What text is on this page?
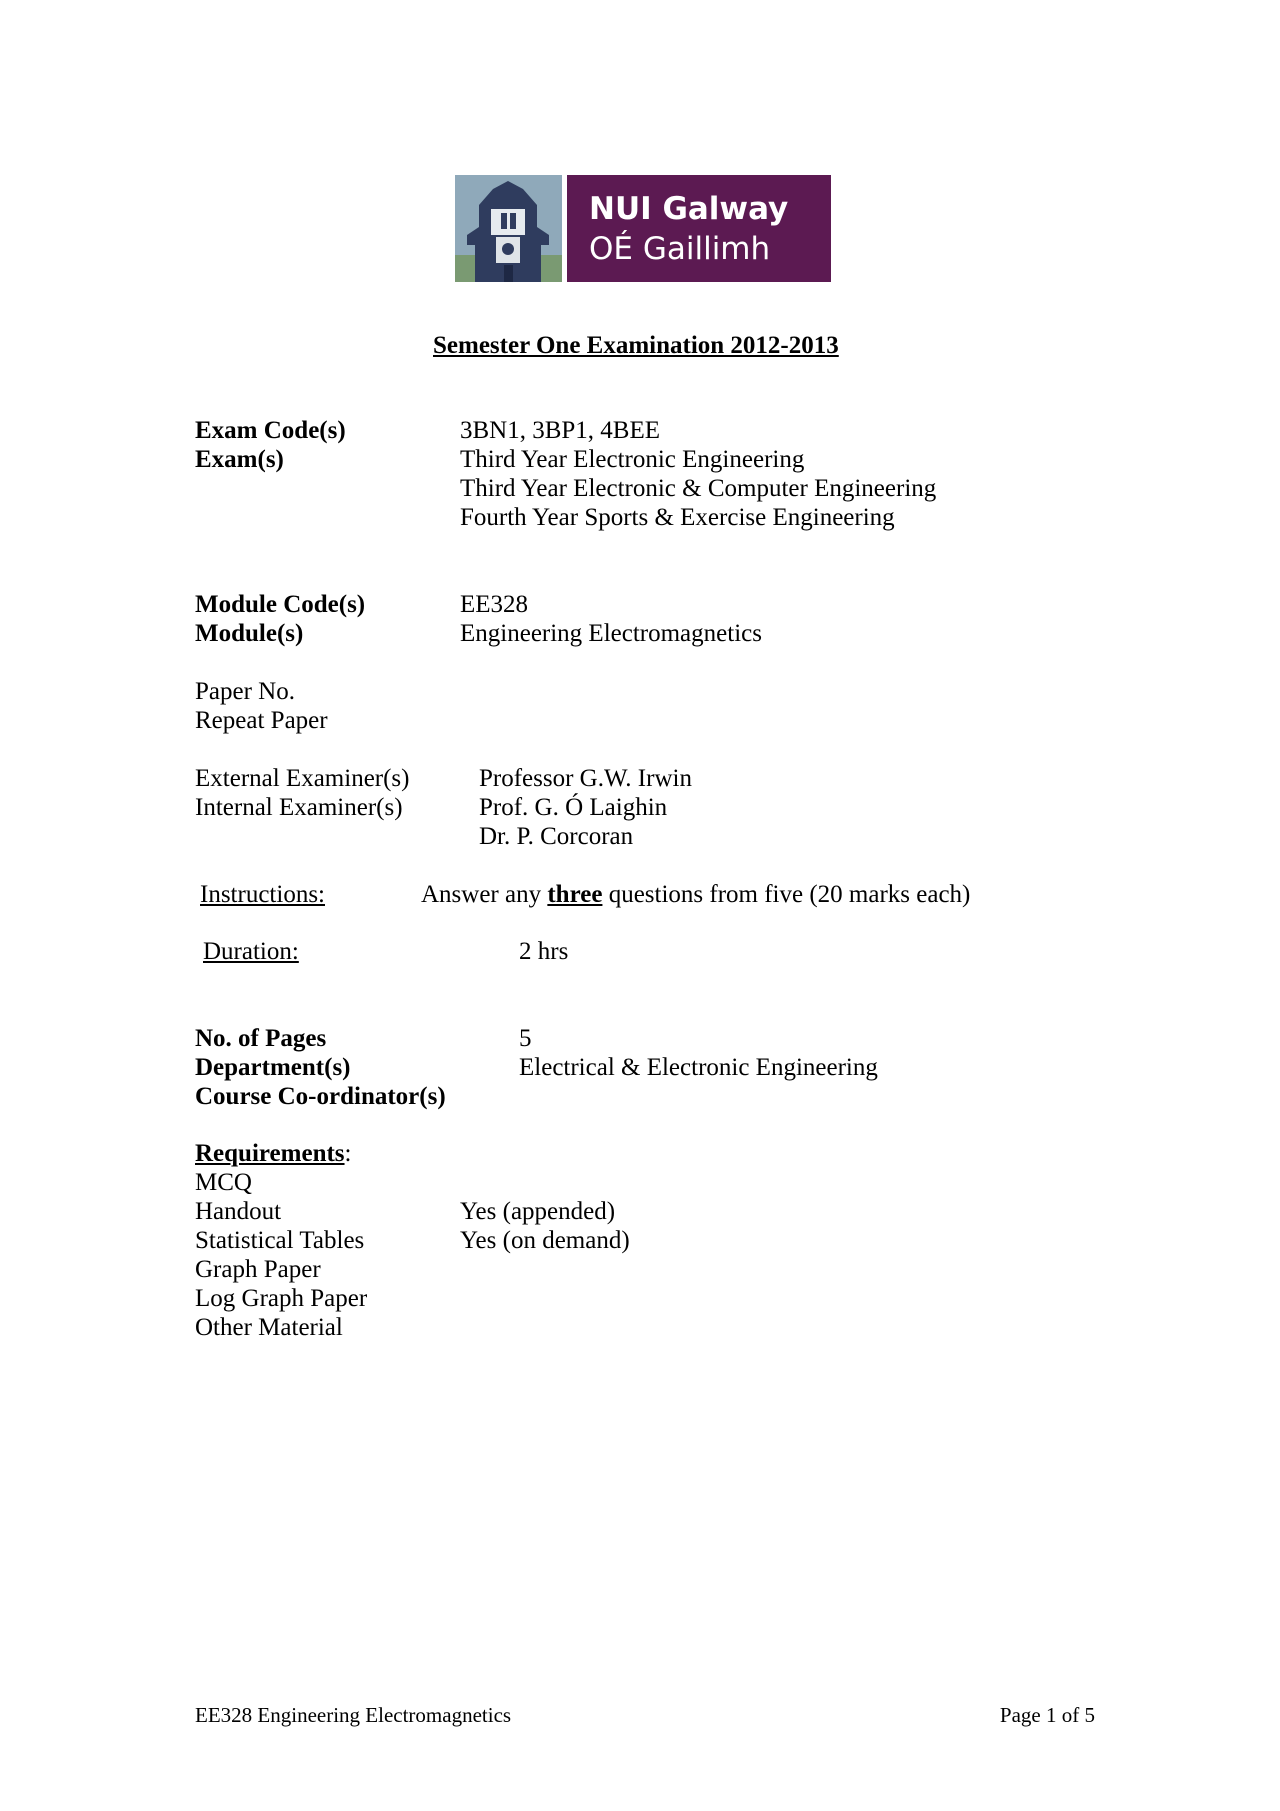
NUI Galway
OÉ Gaillimh
Semester One Examination 2012-2013
Exam Code(s)	3BN1, 3BP1, 4BEE
Exam(s)	Third Year Electronic Engineering
Third Year Electronic & Computer Engineering
Fourth Year Sports & Exercise Engineering
Module Code(s)	EE328
Module(s)	Engineering Electromagnetics
Paper No.
Repeat Paper
External Examiner(s)	Professor G.W. Irwin
Internal Examiner(s)	Prof. G. Ó Laighin
Dr. P. Corcoran
Instructions:	Answer any three questions from five (20 marks each)
Duration:	2 hrs
No. of Pages	5
Department(s)	Electrical & Electronic Engineering
Course Co-ordinator(s)
Requirements:
MCQ
Handout	Yes (appended)
Statistical Tables	Yes (on demand)
Graph Paper
Log Graph Paper
Other Material
EE328 Engineering Electromagnetics	Page 1 of 5
